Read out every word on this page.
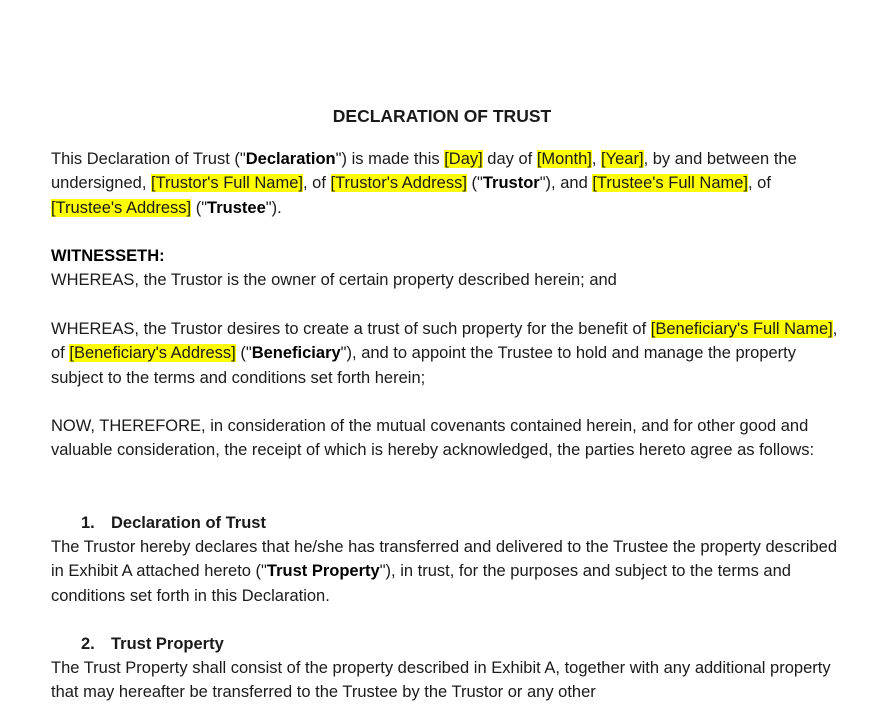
DECLARATION OF TRUST

This Declaration of Trust ("Declaration") is made this [Day] day of [Month], [Year], by and between the undersigned, [Trustor's Full Name], of [Trustor's Address] ("Trustor"), and [Trustee's Full Name], of [Trustee's Address] ("Trustee").

WITNESSETH:

WHEREAS, the Trustor is the owner of certain property described herein; and

WHEREAS, the Trustor desires to create a trust of such property for the benefit of [Beneficiary's Full Name], of [Beneficiary's Address] ("Beneficiary"), and to appoint the Trustee to hold and manage the property subject to the terms and conditions set forth herein;

NOW, THEREFORE, in consideration of the mutual covenants contained herein, and for other good and valuable consideration, the receipt of which is hereby acknowledged, the parties hereto agree as follows:

1. Declaration of Trust

The Trustor hereby declares that he/she has transferred and delivered to the Trustee the property described in Exhibit A attached hereto ("Trust Property"), in trust, for the purposes and subject to the terms and conditions set forth in this Declaration.

2. Trust Property

The Trust Property shall consist of the property described in Exhibit A, together with any additional property that may hereafter be transferred to the Trustee by the Trustor or any other
